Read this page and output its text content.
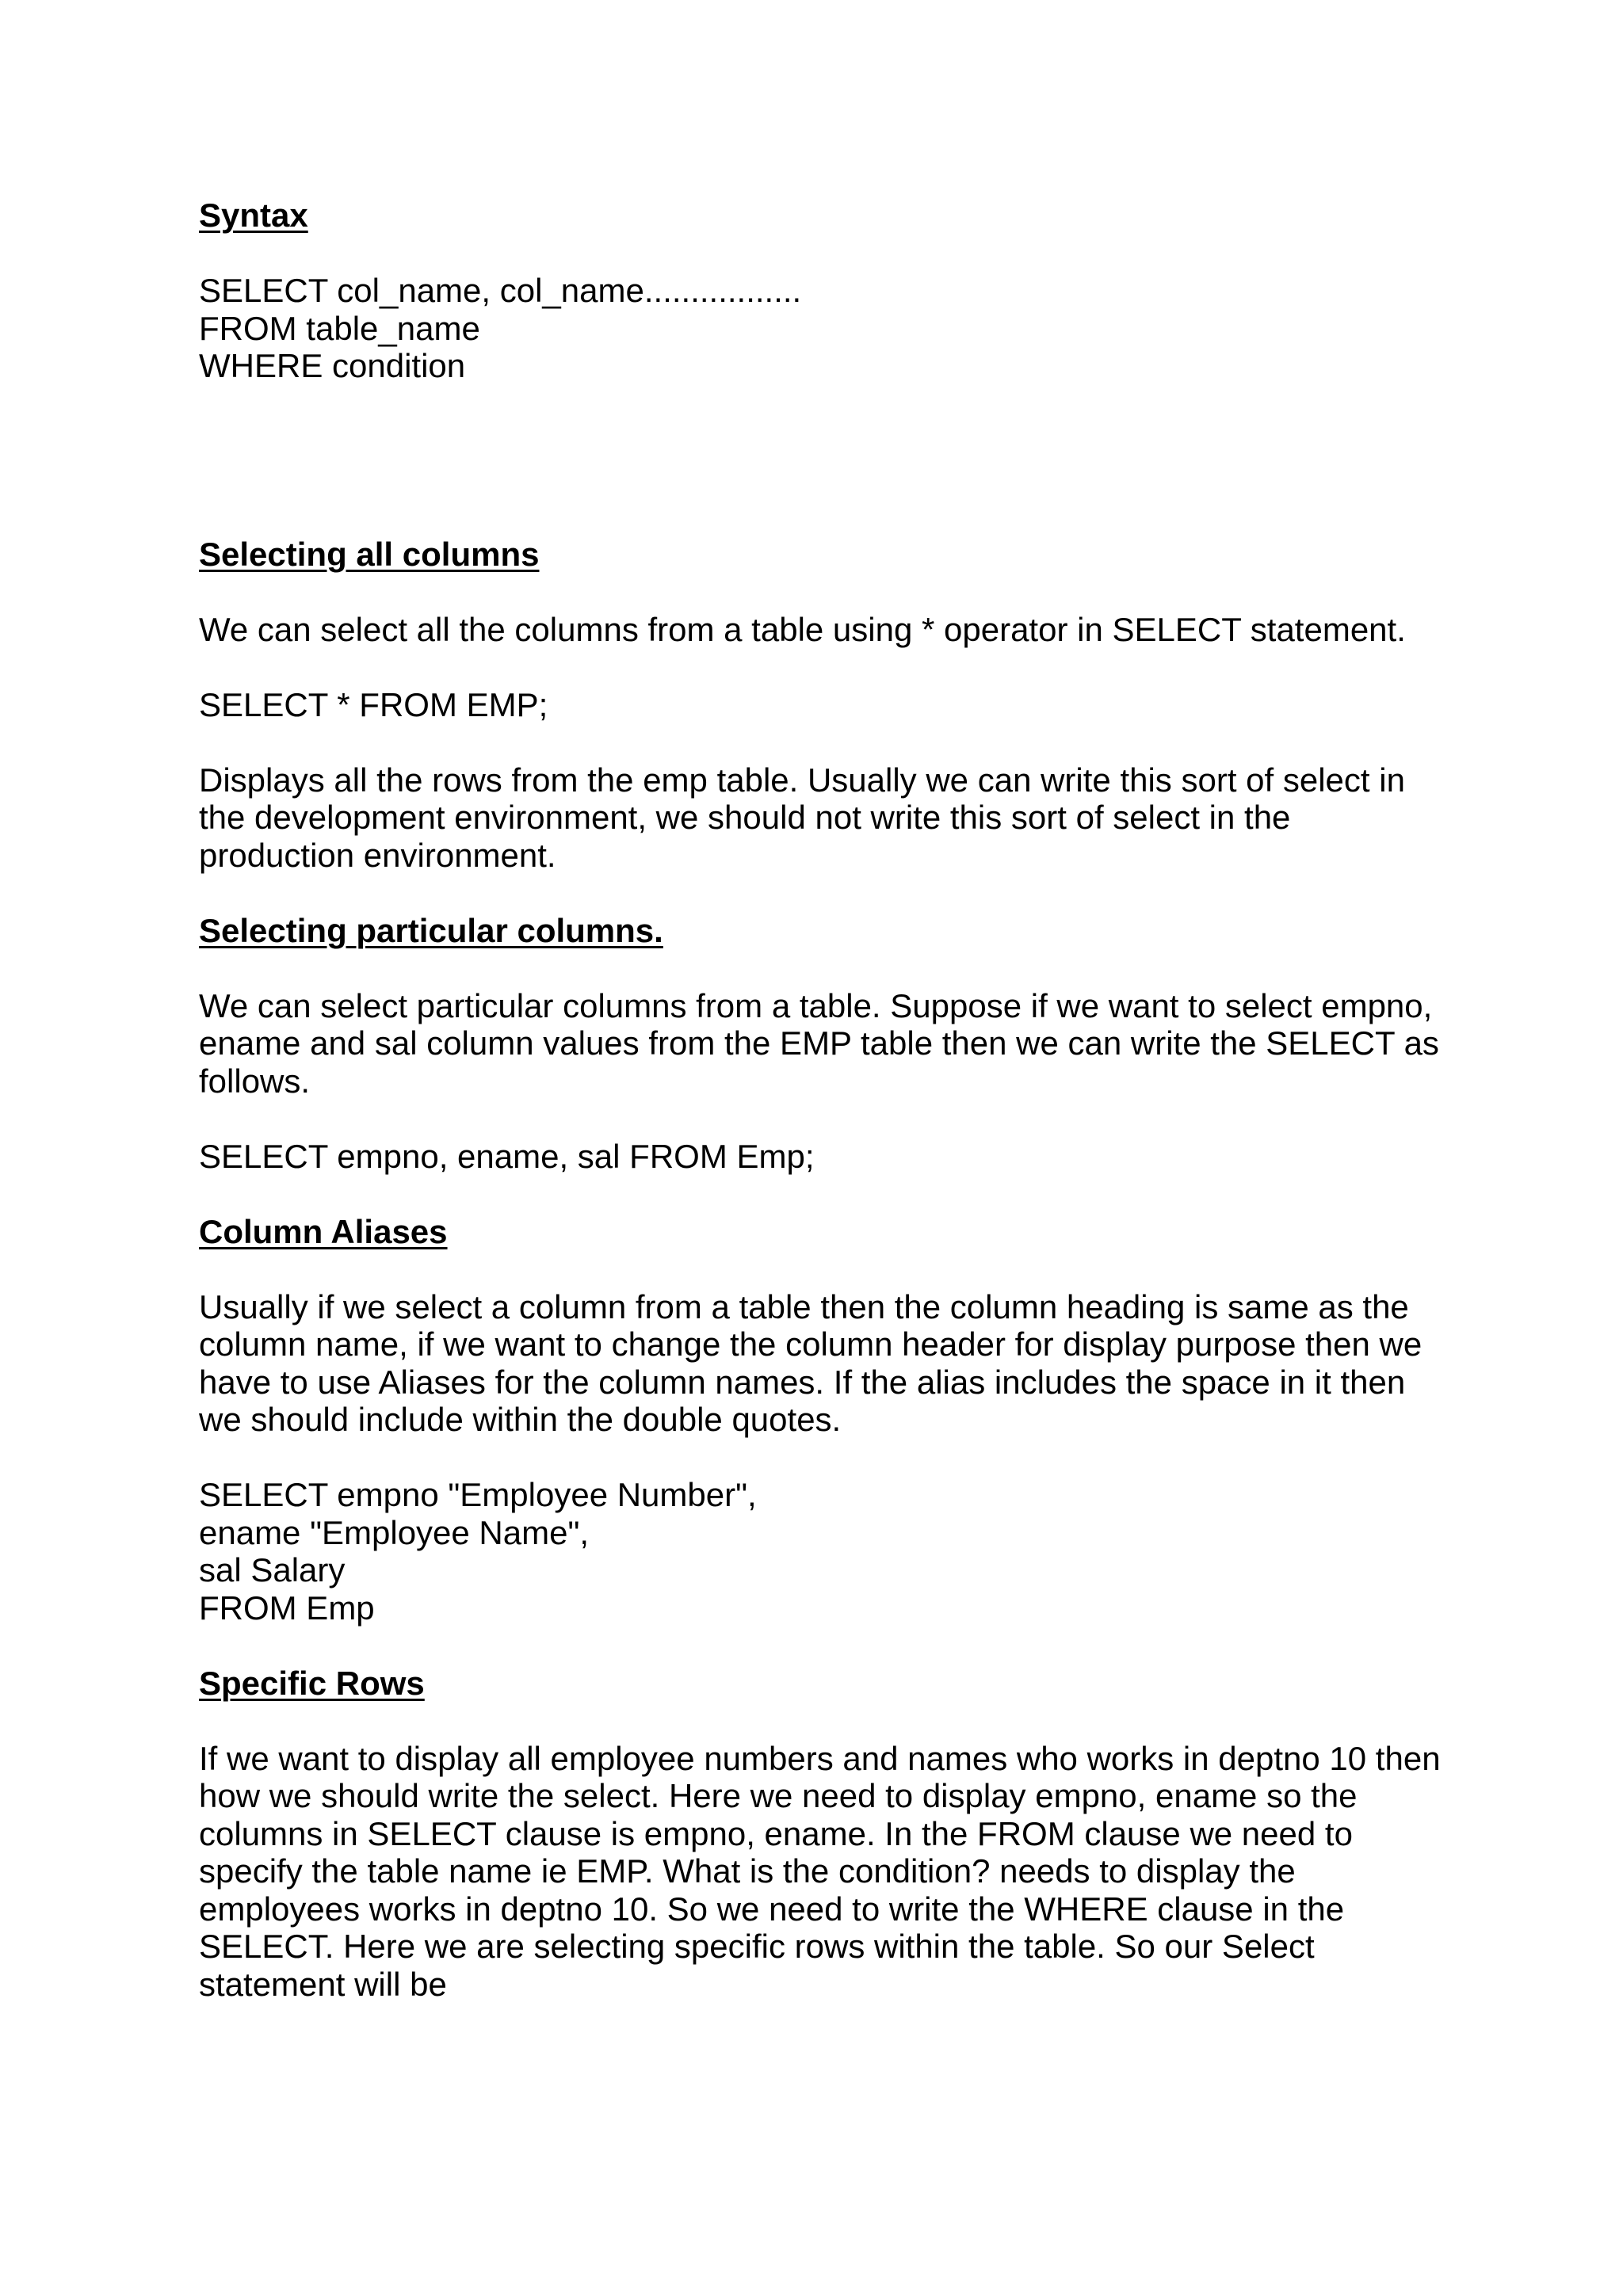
Syntax
SELECT col_name, col_name.................
FROM table_name
WHERE condition
Selecting all columns
We can select all the columns from a table using * operator in SELECT statement.
SELECT * FROM EMP;
Displays all the rows from the emp table. Usually we can write this sort of select in
the development environment, we should not write this sort of select in the
production environment.
Selecting particular columns.
We can select particular columns from a table. Suppose if we want to select empno,
ename and sal column values from the EMP table then we can write the SELECT as
follows.
SELECT empno, ename, sal FROM Emp;
Column Aliases
Usually if we select a column from a table then the column heading is same as the
column name, if we want to change the column header for display purpose then we
have to use Aliases for the column names. If the alias includes the space in it then
we should include within the double quotes.
SELECT empno "Employee Number",
ename "Employee Name",
sal Salary
FROM Emp
Specific Rows
If we want to display all employee numbers and names who works in deptno 10 then
how we should write the select. Here we need to display empno, ename so the
columns in SELECT clause is empno, ename. In the FROM clause we need to
specify the table name ie EMP. What is the condition? needs to display the
employees works in deptno 10. So we need to write the WHERE clause in the
SELECT. Here we are selecting specific rows within the table. So our Select
statement will be
